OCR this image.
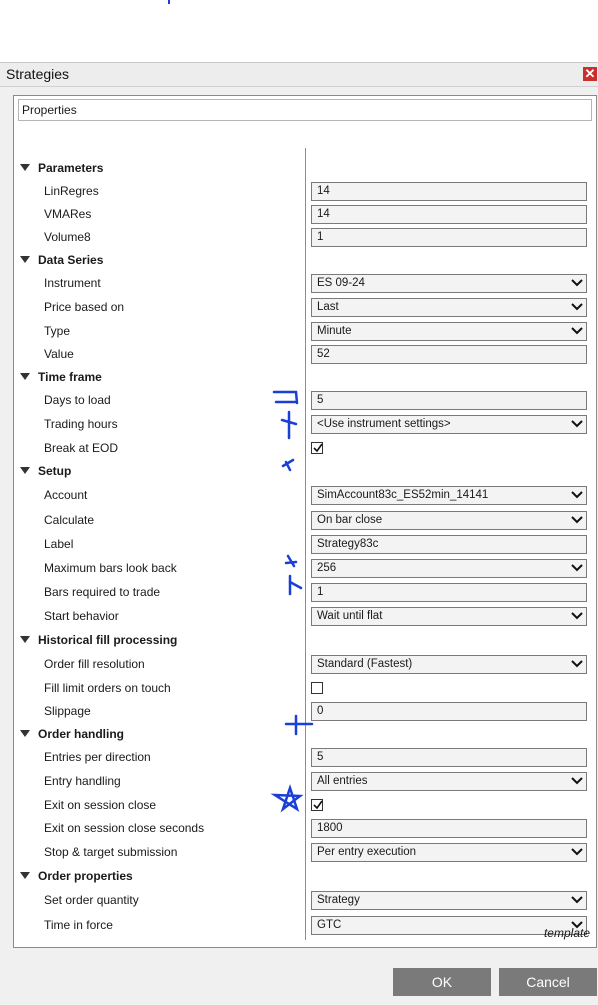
Strategies	✕
Properties
Parameters
LinRegres	14
VMARes	14
Volume8	1
Data Series
Instrument	ES 09-24
Price based on	Last
Type	Minute
Value	52
Time frame
Days to load	5
Trading hours	<Use instrument settings>
Break at EOD
Setup
Account	SimAccount83c_ES52min_14141
Calculate	On bar close
Label	Strategy83c
Maximum bars look back	256
Bars required to trade	1
Start behavior	Wait until flat
Historical fill processing
Order fill resolution	Standard (Fastest)
Fill limit orders on touch
Slippage	0
Order handling
Entries per direction	5
Entry handling	All entries
Exit on session close
Exit on session close seconds	1800
Stop & target submission	Per entry execution
Order properties
Set order quantity	Strategy
Time in force	GTC
template
OK	Cancel
